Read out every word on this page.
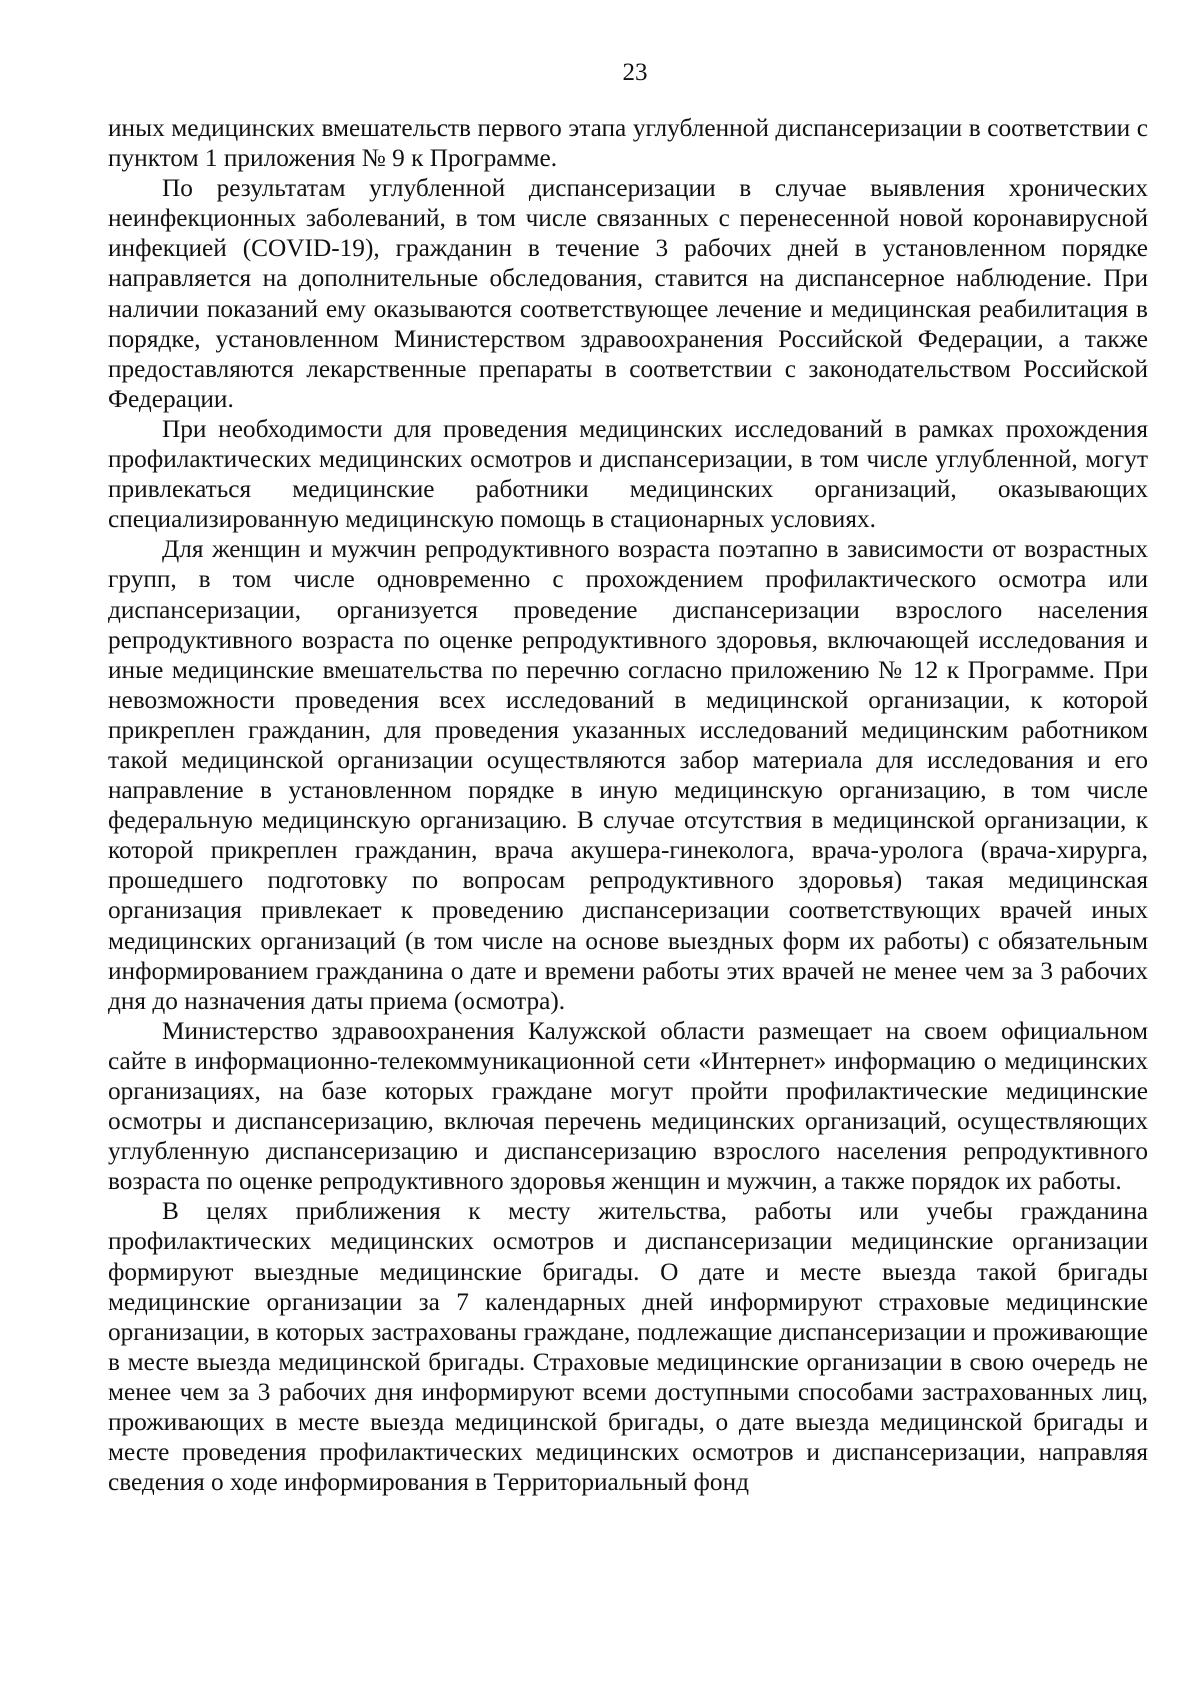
23

иных медицинских вмешательств первого этапа углубленной диспансеризации в соответствии с пунктом 1 приложения № 9 к Программе.

По результатам углубленной диспансеризации в случае выявления хронических неинфекционных заболеваний, в том числе связанных с перенесенной новой коронавирусной инфекцией (COVID-19), гражданин в течение 3 рабочих дней в установленном порядке направляется на дополнительные обследования, ставится на диспансерное наблюдение. При наличии показаний ему оказываются соответствующее лечение и медицинская реабилитация в порядке, установленном Министерством здравоохранения Российской Федерации, а также предоставляются лекарственные препараты в соответствии с законодательством Российской Федерации.

При необходимости для проведения медицинских исследований в рамках прохождения профилактических медицинских осмотров и диспансеризации, в том числе углубленной, могут привлекаться медицинские работники медицинских организаций, оказывающих специализированную медицинскую помощь в стационарных условиях.

Для женщин и мужчин репродуктивного возраста поэтапно в зависимости от возрастных групп, в том числе одновременно с прохождением профилактического осмотра или диспансеризации, организуется проведение диспансеризации взрослого населения репродуктивного возраста по оценке репродуктивного здоровья, включающей исследования и иные медицинские вмешательства по перечню согласно приложению № 12 к Программе. При невозможности проведения всех исследований в медицинской организации, к которой прикреплен гражданин, для проведения указанных исследований медицинским работником такой медицинской организации осуществляются забор материала для исследования и его направление в установленном порядке в иную медицинскую организацию, в том числе федеральную медицинскую организацию. В случае отсутствия в медицинской организации, к которой прикреплен гражданин, врача акушера-гинеколога, врача-уролога (врача-хирурга, прошедшего подготовку по вопросам репродуктивного здоровья) такая медицинская организация привлекает к проведению диспансеризации соответствующих врачей иных медицинских организаций (в том числе на основе выездных форм их работы) с обязательным информированием гражданина о дате и времени работы этих врачей не менее чем за 3 рабочих дня до назначения даты приема (осмотра).

Министерство здравоохранения Калужской области размещает на своем официальном сайте в информационно-телекоммуникационной сети «Интернет» информацию о медицинских организациях, на базе которых граждане могут пройти профилактические медицинские осмотры и диспансеризацию, включая перечень медицинских организаций, осуществляющих углубленную диспансеризацию и диспансеризацию взрослого населения репродуктивного возраста по оценке репродуктивного здоровья женщин и мужчин, а также порядок их работы.

В целях приближения к месту жительства, работы или учебы гражданина профилактических медицинских осмотров и диспансеризации медицинские организации формируют выездные медицинские бригады. О дате и месте выезда такой бригады медицинские организации за 7 календарных дней информируют страховые медицинские организации, в которых застрахованы граждане, подлежащие диспансеризации и проживающие в месте выезда медицинской бригады. Страховые медицинские организации в свою очередь не менее чем за 3 рабочих дня информируют всеми доступными способами застрахованных лиц, проживающих в месте выезда медицинской бригады, о дате выезда медицинской бригады и месте проведения профилактических медицинских осмотров и диспансеризации, направляя сведения о ходе информирования в Территориальный фонд
